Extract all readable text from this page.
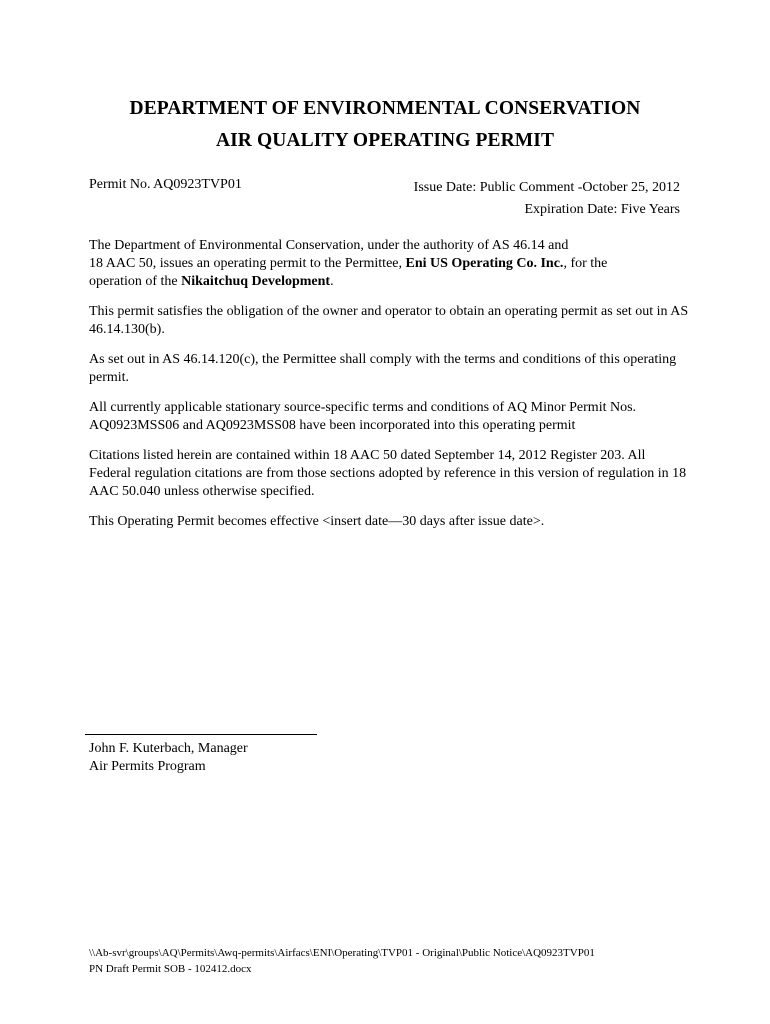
DEPARTMENT OF ENVIRONMENTAL CONSERVATION
AIR QUALITY OPERATING PERMIT
Permit No. AQ0923TVP01	Issue Date: Public Comment -October 25, 2012
Expiration Date: Five Years

The Department of Environmental Conservation, under the authority of AS 46.14 and
18 AAC 50, issues an operating permit to the Permittee, Eni US Operating Co. Inc., for the
operation of the Nikaitchuq Development.

This permit satisfies the obligation of the owner and operator to obtain an operating permit as set out in AS 46.14.130(b).

As set out in AS 46.14.120(c), the Permittee shall comply with the terms and conditions of this operating permit.

All currently applicable stationary source-specific terms and conditions of AQ Minor Permit Nos. AQ0923MSS06 and AQ0923MSS08 have been incorporated into this operating permit

Citations listed herein are contained within 18 AAC 50 dated September 14, 2012 Register 203. All Federal regulation citations are from those sections adopted by reference in this version of regulation in 18 AAC 50.040 unless otherwise specified.

This Operating Permit becomes effective <insert date—30 days after issue date>.

John F. Kuterbach, Manager
Air Permits Program
\\Ab-svr\groups\AQ\Permits\Awq-permits\Airfacs\ENI\Operating\TVP01 - Original\Public Notice\AQ0923TVP01
PN Draft Permit SOB - 102412.docx
